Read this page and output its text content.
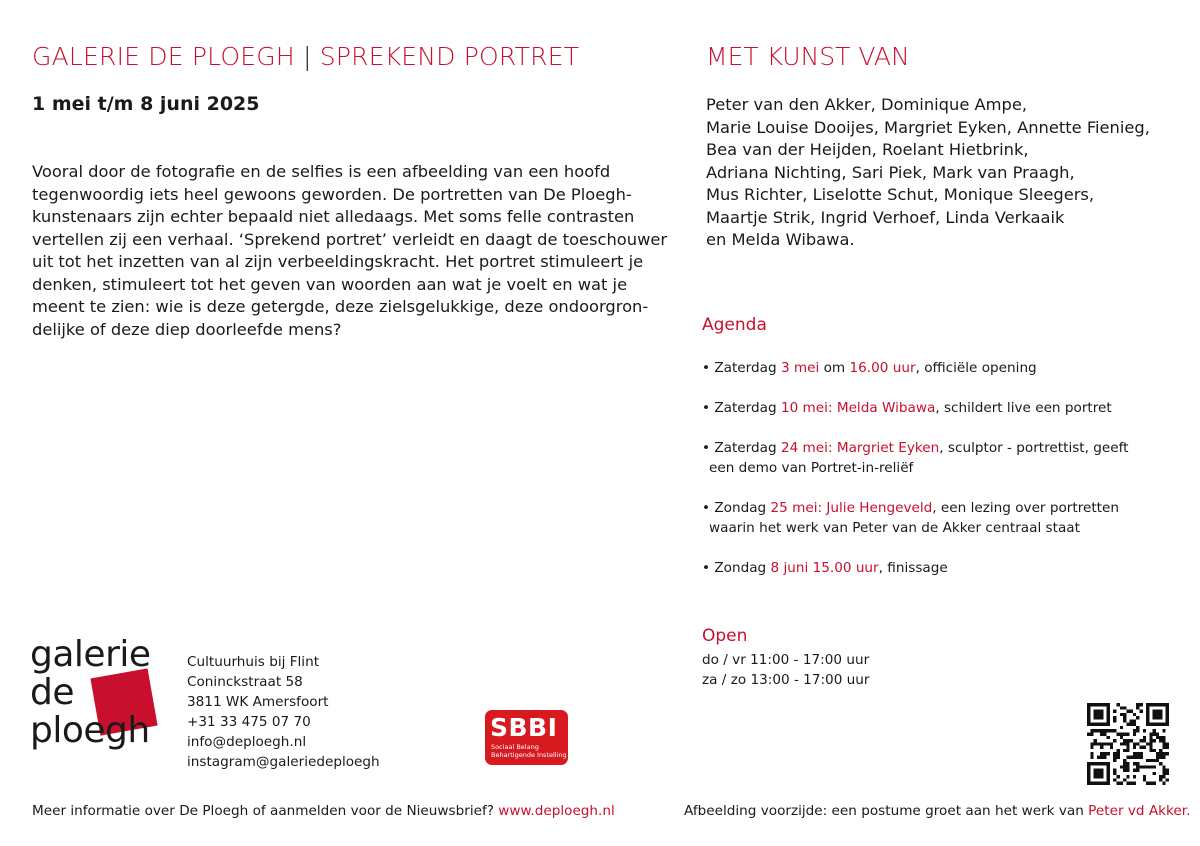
GALERIE DE PLOEGH | SPREKEND PORTRET
1 mei t/m 8 juni 2025
Vooral door de fotografie en de selfies is een afbeelding van een hoofd
tegenwoordig iets heel gewoons geworden. De portretten van De Ploegh-
kunstenaars zijn echter bepaald niet alledaags. Met soms felle contrasten
vertellen zij een verhaal. ‘Sprekend portret’ verleidt en daagt de toeschouwer
uit tot het inzetten van al zijn verbeeldingskracht. Het portret stimuleert je
denken, stimuleert tot het geven van woorden aan wat je voelt en wat je
meent te zien: wie is deze getergde, deze zielsgelukkige, deze ondoorgron-
delijke of deze diep doorleefde mens?
MET KUNST VAN
Peter van den Akker, Dominique Ampe,
Marie Louise Dooijes, Margriet Eyken, Annette Fienieg,
Bea van der Heijden, Roelant Hietbrink,
Adriana Nichting, Sari Piek, Mark van Praagh,
Mus Richter, Liselotte Schut, Monique Sleegers,
Maartje Strik, Ingrid Verhoef, Linda Verkaaik
en Melda Wibawa.
Agenda
• Zaterdag 3 mei om 16.00 uur, officiële opening
• Zaterdag 10 mei: Melda Wibawa, schildert live een portret
• Zaterdag 24 mei: Margriet Eyken, sculptor - portrettist, geeft
een demo van Portret-in-reliëf
• Zondag 25 mei: Julie Hengeveld, een lezing over portretten
waarin het werk van Peter van de Akker centraal staat
• Zondag 8 juni 15.00 uur, finissage
Open
do / vr 11:00 - 17:00 uur
za / zo 13:00 - 17:00 uur
galerie
de
ploegh
Cultuurhuis bij Flint
Coninckstraat 58
3811 WK Amersfoort
+31 33 475 07 70
info@deploegh.nl
instagram@galeriedeploegh
SBBI
Sociaal Belang
Behartigende Instelling
Meer informatie over De Ploegh of aanmelden voor de Nieuwsbrief? www.deploegh.nl	Afbeelding voorzijde: een postume groet aan het werk van Peter vd Akker.
